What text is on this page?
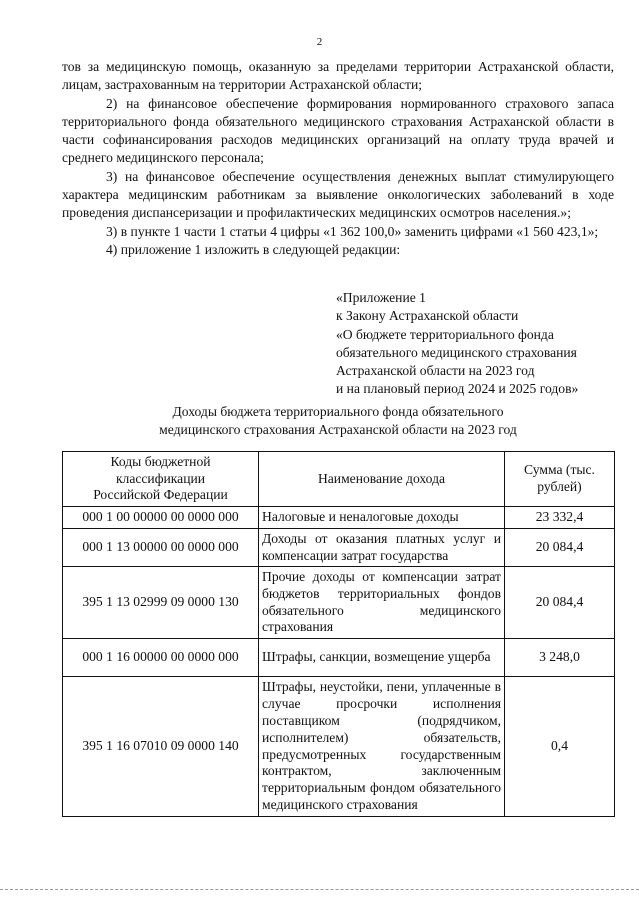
2

тов за медицинскую помощь, оказанную за пределами территории Астраханской области, лицам, застрахованным на территории Астраханской области;

2) на финансовое обеспечение формирования нормированного страхового запаса территориального фонда обязательного медицинского страхования Астраханской области в части софинансирования расходов медицинских организаций на оплату труда врачей и среднего медицинского персонала;

3) на финансовое обеспечение осуществления денежных выплат стимулирующего характера медицинским работникам за выявление онкологических заболеваний в ходе проведения диспансеризации и профилактических медицинских осмотров населения.»;

3) в пункте 1 части 1 статьи 4 цифры «1 362 100,0» заменить цифрами «1 560 423,1»;

4) приложение 1 изложить в следующей редакции:

«Приложение 1
к Закону Астраханской области
«О бюджете территориального фонда
обязательного медицинского страхования
Астраханской области на 2023 год
и на плановый период 2024 и 2025 годов»
Доходы бюджета территориального фонда обязательного
медицинского страхования Астраханской области на 2023 год
Коды бюджетной классификации Российской Федерации	Наименование дохода	Сумма (тыс. рублей)
000 1 00 00000 00 0000 000	Налоговые и неналоговые доходы	23 332,4
000 1 13 00000 00 0000 000	Доходы от оказания платных услуг и компенсации затрат государства	20 084,4
395 1 13 02999 09 0000 130	Прочие доходы от компенсации затрат бюджетов территориальных фондов обязательного медицинского страхования	20 084,4
000 1 16 00000 00 0000 000	Штрафы, санкции, возмещение ущерба	3 248,0
395 1 16 07010 09 0000 140	Штрафы, неустойки, пени, уплаченные в случае просрочки исполнения поставщиком (подрядчиком, исполнителем) обязательств, предусмотренных государственным контрактом, заключенным территориальным фондом обязательного медицинского страхования	0,4
